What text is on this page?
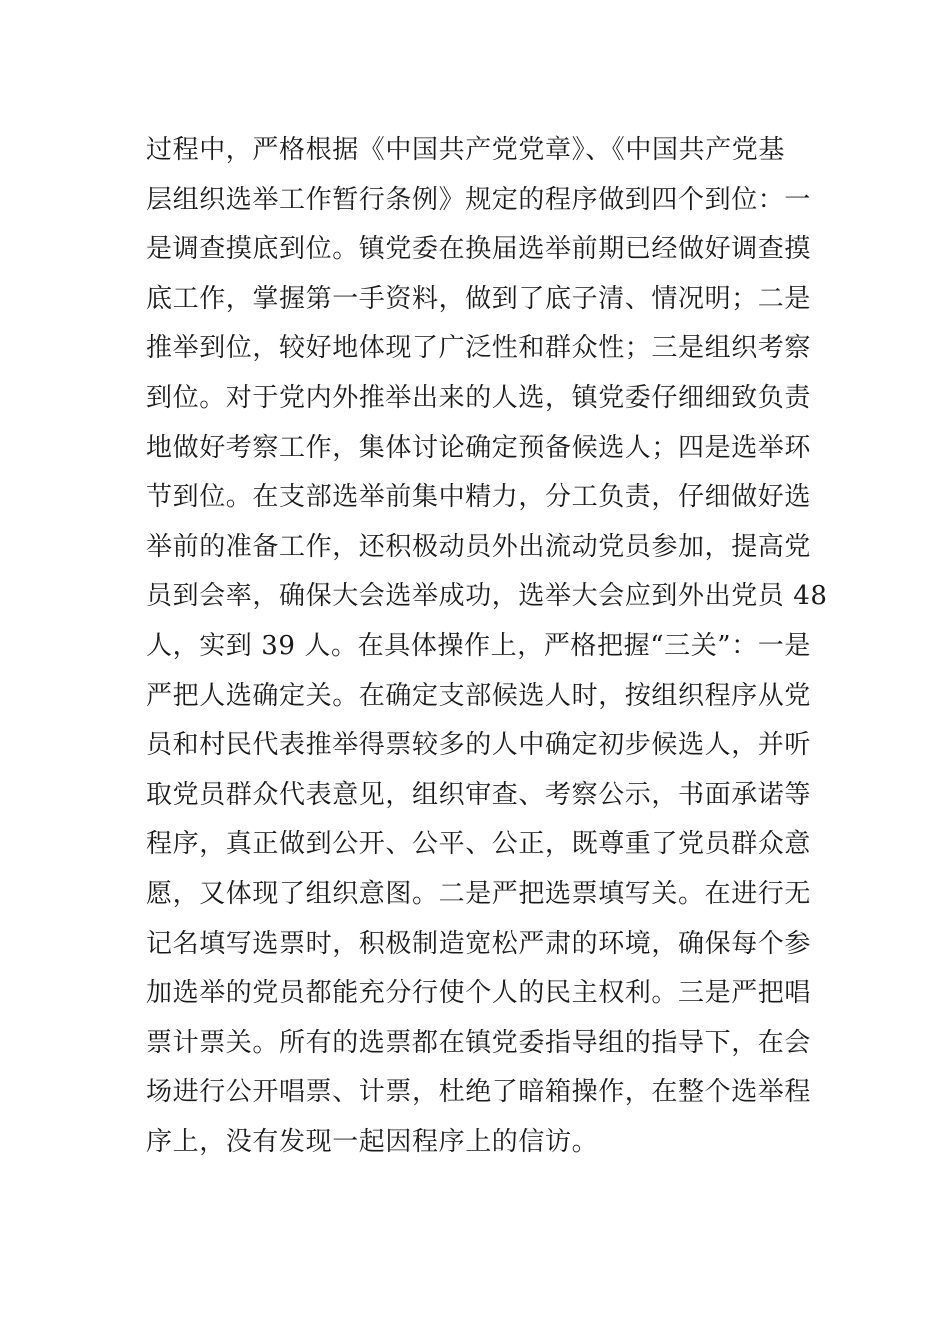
过程中，严格根据《中国共产党党章》、《中国共产党基
层组织选举工作暂行条例》规定的程序做到四个到位：一
是调查摸底到位。镇党委在换届选举前期已经做好调查摸
底工作，掌握第一手资料，做到了底子清、情况明；二是
推举到位，较好地体现了广泛性和群众性；三是组织考察
到位。对于党内外推举出来的人选，镇党委仔细细致负责
地做好考察工作，集体讨论确定预备候选人；四是选举环
节到位。在支部选举前集中精力，分工负责，仔细做好选
举前的准备工作，还积极动员外出流动党员参加，提高党
员到会率，确保大会选举成功，选举大会应到外出党员 48
人，实到 39 人。在具体操作上，严格把握“三关”：一是
严把人选确定关。在确定支部候选人时，按组织程序从党
员和村民代表推举得票较多的人中确定初步候选人，并听
取党员群众代表意见，组织审查、考察公示，书面承诺等
程序，真正做到公开、公平、公正，既尊重了党员群众意
愿，又体现了组织意图。二是严把选票填写关。在进行无
记名填写选票时，积极制造宽松严肃的环境，确保每个参
加选举的党员都能充分行使个人的民主权利。三是严把唱
票计票关。所有的选票都在镇党委指导组的指导下，在会
场进行公开唱票、计票，杜绝了暗箱操作，在整个选举程
序上，没有发现一起因程序上的信访。
